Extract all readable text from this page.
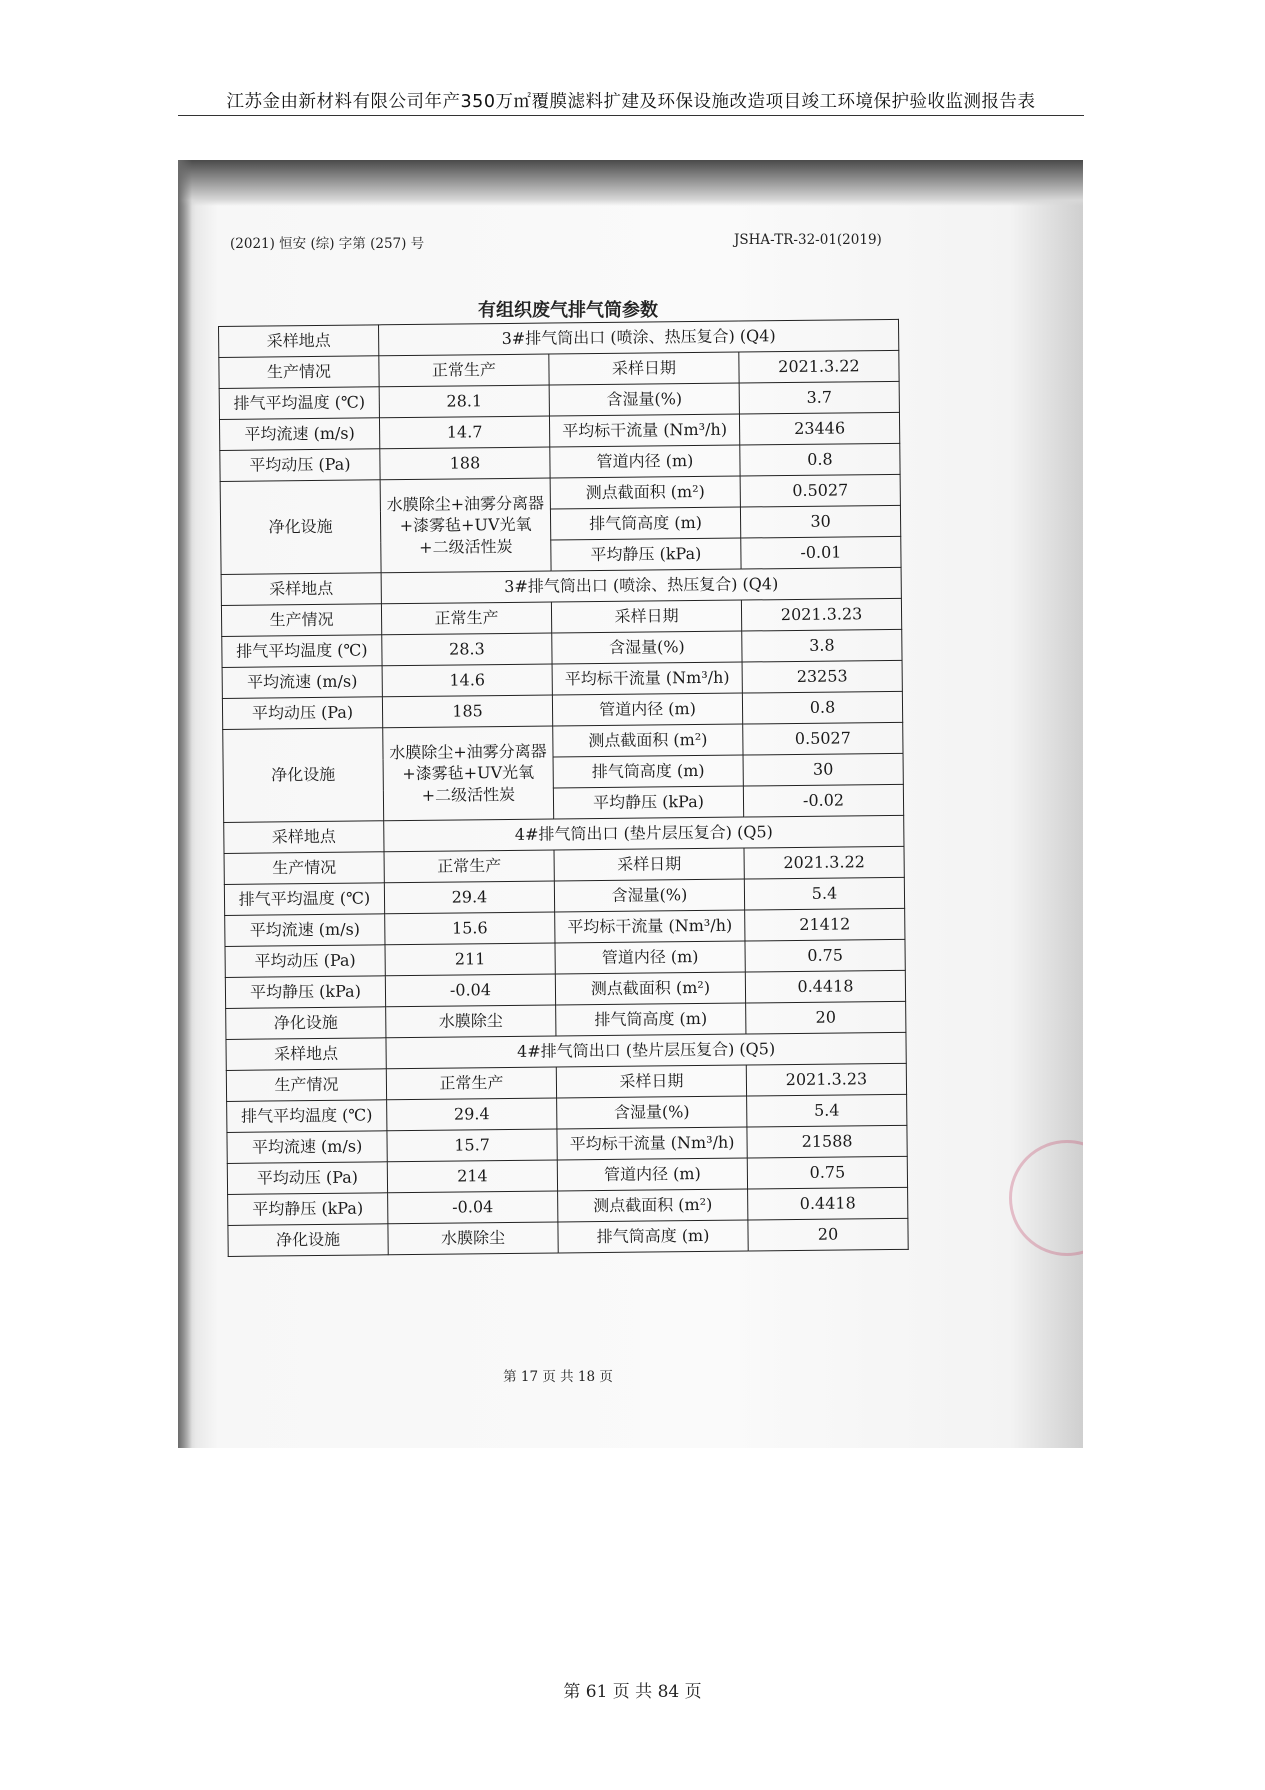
江苏金由新材料有限公司年产350万㎡覆膜滤料扩建及环保设施改造项目竣工环境保护验收监测报告表
(2021) 恒安 (综) 字第 (257) 号	JSHA-TR-32-01(2019)
有组织废气排气筒参数
采样地点	3#排气筒出口 (喷涂、热压复合) (Q4)		
生产情况	正常生产	采样日期	2021.3.22
排气平均温度 (℃)	28.1	含湿量(%)	3.7
平均流速 (m/s)	14.7	平均标干流量 (Nm³/h)	23446
平均动压 (Pa)	188	管道内径 (m)	0.8
净化设施	水膜除尘+油雾分离器+漆雾毡+UV光氧+二级活性炭	测点截面积 (m²)	0.5027
		排气筒高度 (m)	30
		平均静压 (kPa)	-0.01
采样地点	3#排气筒出口 (喷涂、热压复合) (Q4)		
生产情况	正常生产	采样日期	2021.3.23
排气平均温度 (℃)	28.3	含湿量(%)	3.8
平均流速 (m/s)	14.6	平均标干流量 (Nm³/h)	23253
平均动压 (Pa)	185	管道内径 (m)	0.8
净化设施	水膜除尘+油雾分离器+漆雾毡+UV光氧+二级活性炭	测点截面积 (m²)	0.5027
		排气筒高度 (m)	30
		平均静压 (kPa)	-0.02
采样地点	4#排气筒出口 (垫片层压复合) (Q5)		
生产情况	正常生产	采样日期	2021.3.22
排气平均温度 (℃)	29.4	含湿量(%)	5.4
平均流速 (m/s)	15.6	平均标干流量 (Nm³/h)	21412
平均动压 (Pa)	211	管道内径 (m)	0.75
平均静压 (kPa)	-0.04	测点截面积 (m²)	0.4418
净化设施	水膜除尘	排气筒高度 (m)	20
采样地点	4#排气筒出口 (垫片层压复合) (Q5)		
生产情况	正常生产	采样日期	2021.3.23
排气平均温度 (℃)	29.4	含湿量(%)	5.4
平均流速 (m/s)	15.7	平均标干流量 (Nm³/h)	21588
平均动压 (Pa)	214	管道内径 (m)	0.75
平均静压 (kPa)	-0.04	测点截面积 (m²)	0.4418
净化设施	水膜除尘	排气筒高度 (m)	20
第 17 页 共 18 页
第 61 页 共 84 页
